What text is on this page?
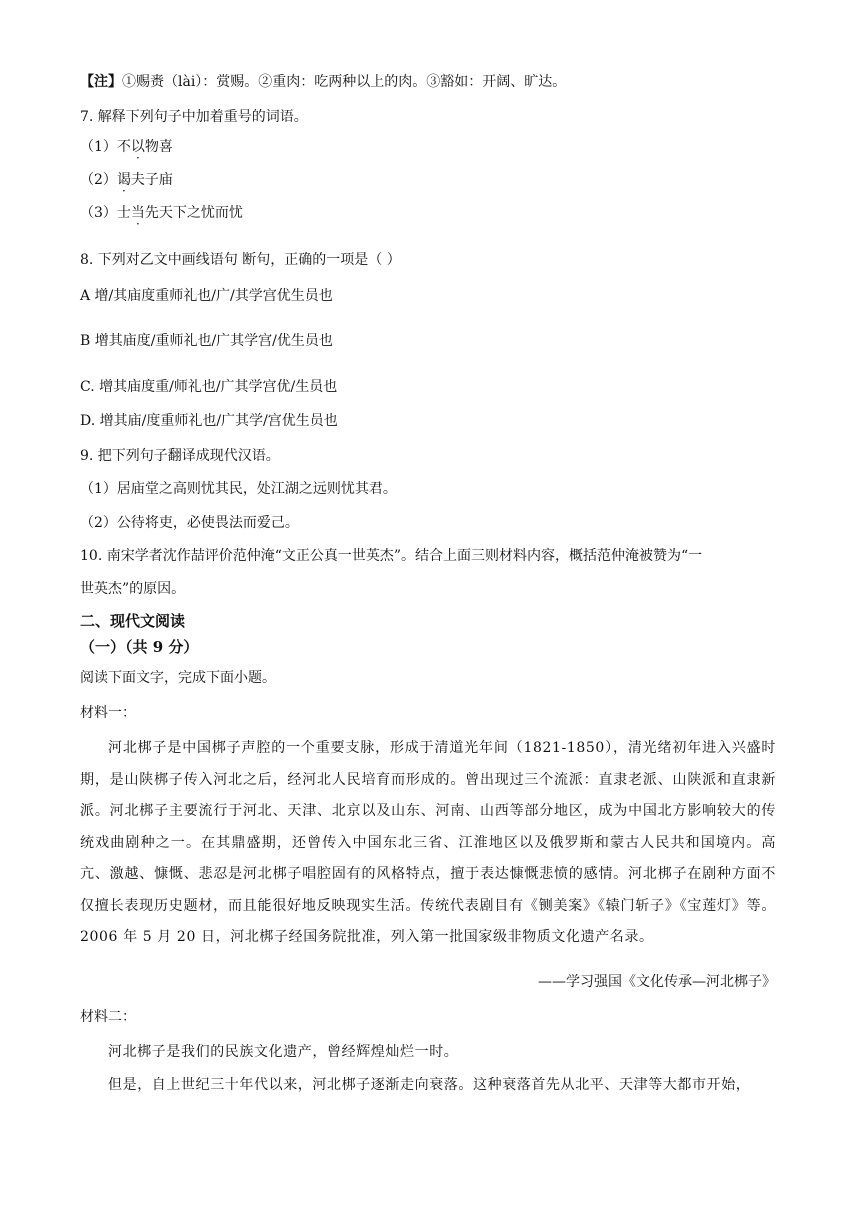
【注】①赐赉（lài）：赏赐。②重肉：吃两种以上的肉。③豁如：开阔、旷达。
7. 解释下列句子中加着重号的词语。
（1）不以物喜
（2）谒夫子庙
（3）士当先天下之忧而忧
8. 下列对乙文中画线语句 断句，正确的一项是（ ）
A 增/其庙度重师礼也/广/其学宫优生员也
B 增其庙度/重师礼也/广其学宫/优生员也
C. 增其庙度重/师礼也/广其学宫优/生员也
D. 增其庙/度重师礼也/广其学/宫优生员也
9. 把下列句子翻译成现代汉语。
（1）居庙堂之高则忧其民，处江湖之远则忧其君。
（2）公待将吏，必使畏法而爱己。
10. 南宋学者沈作喆评价范仲淹“文正公真一世英杰”。结合上面三则材料内容，概括范仲淹被赞为“一
世英杰”的原因。
二、现代文阅读
（一）（共 9 分）
阅读下面文字，完成下面小题。
材料一：
河北梆子是中国梆子声腔的一个重要支脉，形成于清道光年间（1821-1850），清光绪初年进入兴盛时期，是山陕梆子传入河北之后，经河北人民培育而形成的。曾出现过三个流派：直隶老派、山陕派和直隶新派。河北梆子主要流行于河北、天津、北京以及山东、河南、山西等部分地区，成为中国北方影响较大的传统戏曲剧种之一。在其鼎盛期，还曾传入中国东北三省、江淮地区以及俄罗斯和蒙古人民共和国境内。高亢、激越、慷慨、悲忍是河北梆子唱腔固有的风格特点，擅于表达慷慨悲愤的感情。河北梆子在剧种方面不仅擅长表现历史题材，而且能很好地反映现实生活。传统代表剧目有《铡美案》《辕门斩子》《宝莲灯》等。2006 年 5 月 20 日，河北梆子经国务院批准，列入第一批国家级非物质文化遗产名录。
——学习强国《文化传承—河北梆子》
材料二：
河北梆子是我们的民族文化遗产，曾经辉煌灿烂一时。
但是，自上世纪三十年代以来，河北梆子逐渐走向衰落。这种衰落首先从北平、天津等大都市开始，
